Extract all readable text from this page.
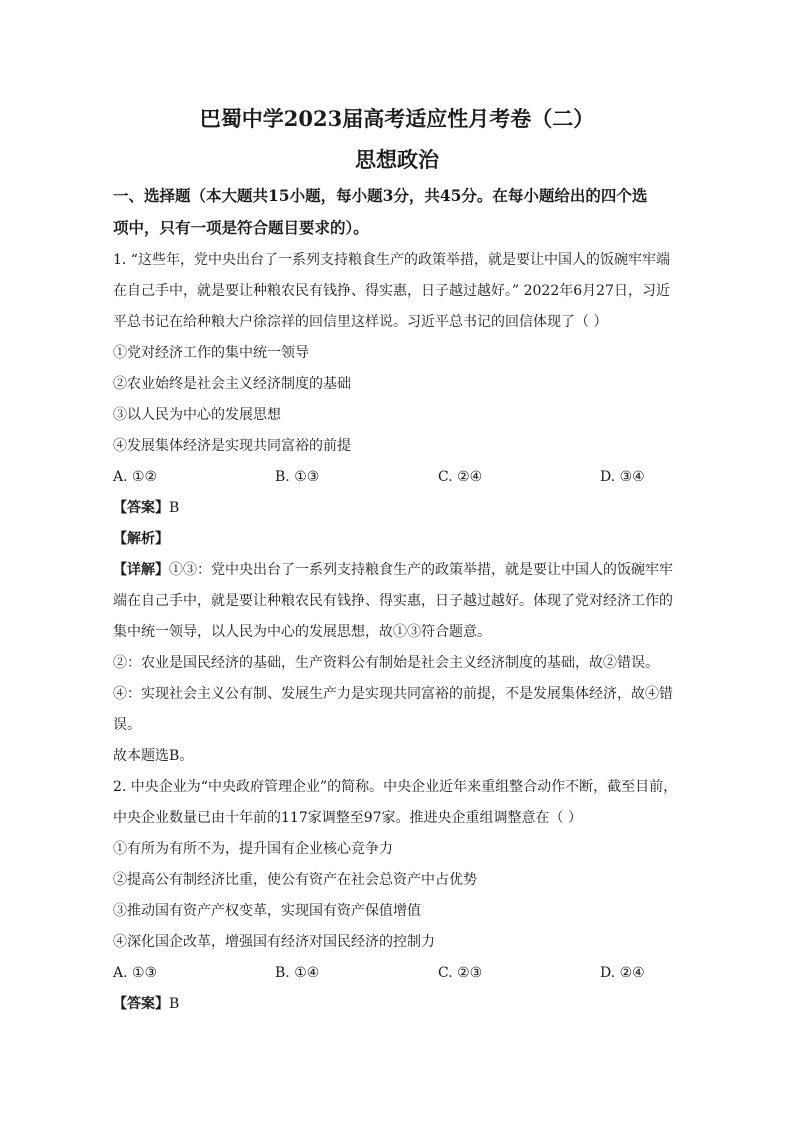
巴蜀中学2023届高考适应性月考卷（二）
思想政治
一、选择题（本大题共15小题，每小题3分，共45分。在每小题给出的四个选
项中，只有一项是符合题目要求的）。
1. “这些年，党中央出台了一系列支持粮食生产的政策举措，就是要让中国人的饭碗牢牢端
在自己手中，就是要让种粮农民有钱挣、得实惠，日子越过越好。” 2022年6月27日，习近
平总书记在给种粮大户徐淙祥的回信里这样说。习近平总书记的回信体现了（ ）
①党对经济工作的集中统一领导
②农业始终是社会主义经济制度的基础
③以人民为中心的发展思想
④发展集体经济是实现共同富裕的前提
A. ①②	B. ①③	C. ②④	D. ③④
【答案】B
【解析】
【详解】①③：党中央出台了一系列支持粮食生产的政策举措，就是要让中国人的饭碗牢牢
端在自己手中，就是要让种粮农民有钱挣、得实惠，日子越过越好。体现了党对经济工作的
集中统一领导，以人民为中心的发展思想，故①③符合题意。
②：农业是国民经济的基础，生产资料公有制始是社会主义经济制度的基础，故②错误。
④：实现社会主义公有制、发展生产力是实现共同富裕的前提，不是发展集体经济，故④错
误。
故本题选B。
2. 中央企业为“中央政府管理企业”的简称。中央企业近年来重组整合动作不断，截至目前，
中央企业数量已由十年前的117家调整至97家。推进央企重组调整意在（ ）
①有所为有所不为，提升国有企业核心竞争力
②提高公有制经济比重，使公有资产在社会总资产中占优势
③推动国有资产产权变革，实现国有资产保值增值
④深化国企改革，增强国有经济对国民经济的控制力
A. ①③	B. ①④	C. ②③	D. ②④
【答案】B
